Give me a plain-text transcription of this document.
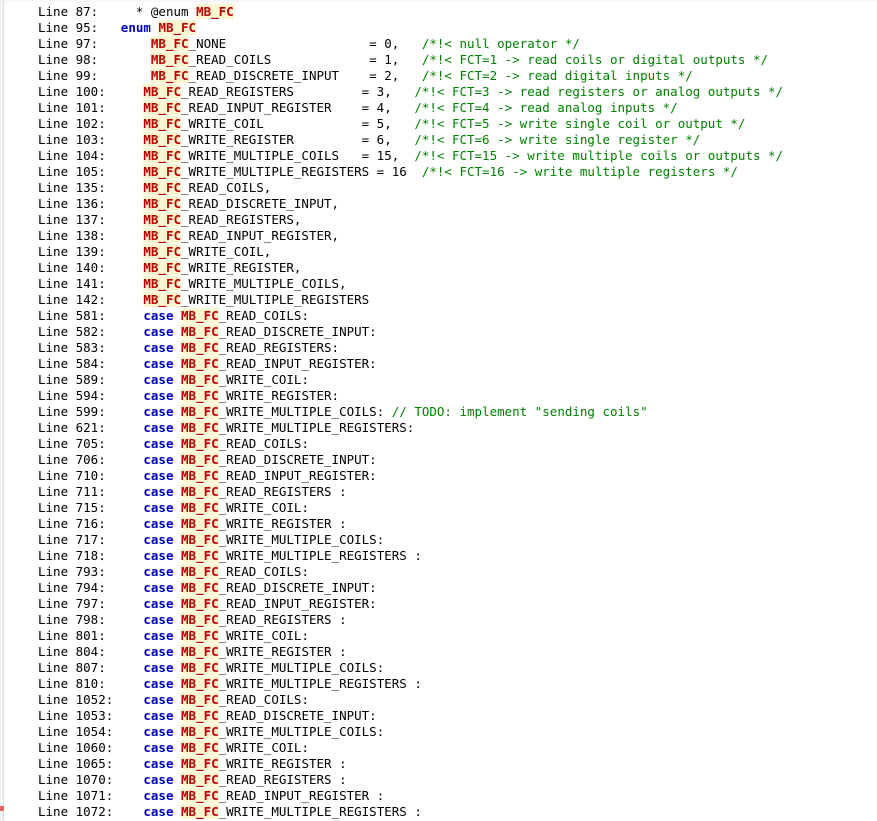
Line 87:     * @enum MB_FC
Line 95: enum MB_FC
Line 97:	MB_FC_NONE                   = 0,   /*!< null operator */
Line 98:	MB_FC_READ_COILS             = 1,   /*!< FCT=1 -> read coils or digital outputs */
Line 99:	MB_FC_READ_DISCRETE_INPUT    = 2,   /*!< FCT=2 -> read digital inputs */
Line 100:	MB_FC_READ_REGISTERS         = 3,   /*!< FCT=3 -> read registers or analog outputs */
Line 101:	MB_FC_READ_INPUT_REGISTER    = 4,   /*!< FCT=4 -> read analog inputs */
Line 102:	MB_FC_WRITE_COIL             = 5,   /*!< FCT=5 -> write single coil or output */
Line 103:	MB_FC_WRITE_REGISTER         = 6,   /*!< FCT=6 -> write single register */
Line 104:	MB_FC_WRITE_MULTIPLE_COILS   = 15,  /*!< FCT=15 -> write multiple coils or outputs */
Line 105:	MB_FC_WRITE_MULTIPLE_REGISTERS = 16  /*!< FCT=16 -> write multiple registers */
Line 135:	MB_FC_READ_COILS,
Line 136:	MB_FC_READ_DISCRETE_INPUT,
Line 137:	MB_FC_READ_REGISTERS,
Line 138:	MB_FC_READ_INPUT_REGISTER,
Line 139:	MB_FC_WRITE_COIL,
Line 140:	MB_FC_WRITE_REGISTER,
Line 141:	MB_FC_WRITE_MULTIPLE_COILS,
Line 142:	MB_FC_WRITE_MULTIPLE_REGISTERS
Line 581:	case MB_FC_READ_COILS:
Line 582:	case MB_FC_READ_DISCRETE_INPUT:
Line 583:	case MB_FC_READ_REGISTERS:
Line 584:	case MB_FC_READ_INPUT_REGISTER:
Line 589:	case MB_FC_WRITE_COIL:
Line 594:	case MB_FC_WRITE_REGISTER:
Line 599:	case MB_FC_WRITE_MULTIPLE_COILS: // TODO: implement "sending coils"
Line 621:	case MB_FC_WRITE_MULTIPLE_REGISTERS:
Line 705:	case MB_FC_READ_COILS:
Line 706:	case MB_FC_READ_DISCRETE_INPUT:
Line 710:	case MB_FC_READ_INPUT_REGISTER:
Line 711:	case MB_FC_READ_REGISTERS :
Line 715:	case MB_FC_WRITE_COIL:
Line 716:	case MB_FC_WRITE_REGISTER :
Line 717:	case MB_FC_WRITE_MULTIPLE_COILS:
Line 718:	case MB_FC_WRITE_MULTIPLE_REGISTERS :
Line 793:	case MB_FC_READ_COILS:
Line 794:	case MB_FC_READ_DISCRETE_INPUT:
Line 797:	case MB_FC_READ_INPUT_REGISTER:
Line 798:	case MB_FC_READ_REGISTERS :
Line 801:	case MB_FC_WRITE_COIL:
Line 804:	case MB_FC_WRITE_REGISTER :
Line 807:	case MB_FC_WRITE_MULTIPLE_COILS:
Line 810:	case MB_FC_WRITE_MULTIPLE_REGISTERS :
Line 1052: case MB_FC_READ_COILS:
Line 1053: case MB_FC_READ_DISCRETE_INPUT:
Line 1054: case MB_FC_WRITE_MULTIPLE_COILS:
Line 1060: case MB_FC_WRITE_COIL:
Line 1065: case MB_FC_WRITE_REGISTER :
Line 1070: case MB_FC_READ_REGISTERS :
Line 1071: case MB_FC_READ_INPUT_REGISTER :
Line 1072: case MB_FC_WRITE_MULTIPLE_REGISTERS :
